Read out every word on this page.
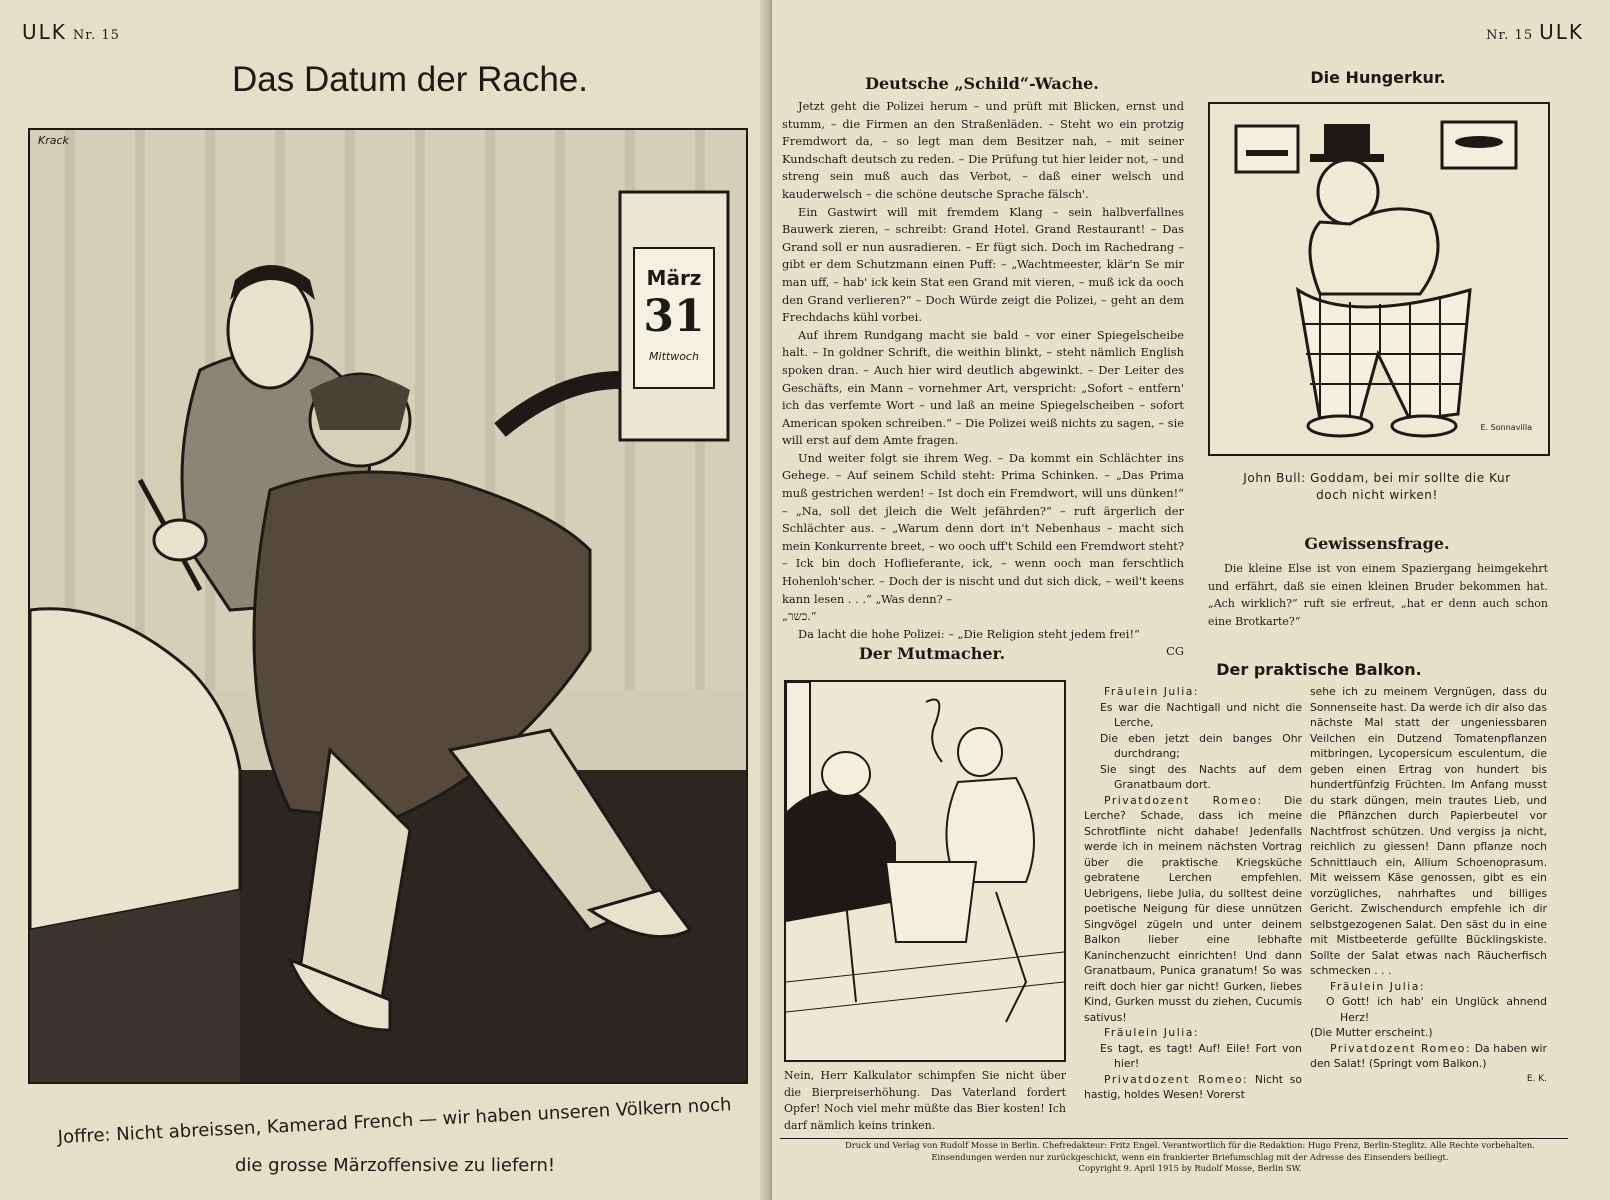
ULK Nr. 15
Das Datum der Rache.
Krack
März
31
Mittwoch
Joffre: Nicht abreissen, Kamerad French — wir haben unseren Völkern noch
die grosse Märzoffensive zu liefern!
Nr. 15 ULK
Deutsche „Schild“-Wache.

Jetzt geht die Polizei herum – und prüft mit Blicken, ernst und stumm, – die Firmen an den Straßenläden. – Steht wo ein protzig Fremdwort da, – so legt man dem Besitzer nah, – mit seiner Kundschaft deutsch zu reden. – Die Prüfung tut hier leider not, – und streng sein muß auch das Verbot, – daß einer welsch und kauderwelsch – die schöne deutsche Sprache fälsch'.

Ein Gastwirt will mit fremdem Klang – sein halbverfallnes Bauwerk zieren, – schreibt: Grand Hotel. Grand Restaurant! – Das Grand soll er nun ausradieren. – Er fügt sich. Doch im Rachedrang – gibt er dem Schutzmann einen Puff: – „Wachtmeester, klär'n Se mir man uff, – hab' ick kein Stat een Grand mit vieren, – muß ick da ooch den Grand verlieren?“ – Doch Würde zeigt die Polizei, – geht an dem Frechdachs kühl vorbei.

Auf ihrem Rundgang macht sie bald – vor einer Spiegelscheibe halt. – In goldner Schrift, die weithin blinkt, – steht nämlich English spoken dran. – Auch hier wird deutlich abgewinkt. – Der Leiter des Geschäfts, ein Mann – vornehmer Art, verspricht: „Sofort – entfern' ich das verfemte Wort – und laß an meine Spiegelscheiben – sofort American spoken schreiben.“ – Die Polizei weiß nichts zu sagen, – sie will erst auf dem Amte fragen.

Und weiter folgt sie ihrem Weg. – Da kommt ein Schlächter ins Gehege. – Auf seinem Schild steht: Prima Schinken. – „Das Prima muß gestrichen werden! – Ist doch ein Fremdwort, will uns dünken!“ – „Na, soll det jleich die Welt jefährden?“ – ruft ärgerlich der Schlächter aus. – „Warum denn dort in't Nebenhaus – macht sich mein Konkurrente breet, – wo ooch uff't Schild een Fremdwort steht? – Ick bin doch Hoflieferante, ick, – wenn ooch man ferschtlich Hohenloh'scher. – Doch der is nischt und dut sich dick, – weil't keens kann lesen . . .“ „Was denn? –

„כשר.“

Da lacht die hohe Polizei: – „Die Religion steht jedem frei!“

CG

Die Hungerkur.
E. Sonnavilla
John Bull: Goddam, bei mir sollte die Kur
doch nicht wirken!
Gewissensfrage.
Die kleine Else ist von einem Spaziergang heimgekehrt und erfährt, daß sie einen kleinen Bruder bekommen hat. „Ach wirklich?“ ruft sie erfreut, „hat er denn auch schon eine Brotkarte?“
Der Mutmacher.
Nein, Herr Kalkulator schimpfen Sie nicht über die Bierpreiserhöhung. Das Vaterland fordert Opfer! Noch viel mehr müßte das Bier kosten! Ich darf nämlich keins trinken.
Der praktische Balkon.

Fräulein Julia:

Es war die Nachtigall und nicht die Lerche,

Die eben jetzt dein banges Ohr durchdrang;

Sie singt des Nachts auf dem Granatbaum dort.

Privatdozent Romeo: Die Lerche? Schade, dass ich meine Schrotflinte nicht dahabe! Jedenfalls werde ich in meinem nächsten Vortrag über die praktische Kriegsküche gebratene Lerchen empfehlen. Uebrigens, liebe Julia, du solltest deine poetische Neigung für diese unnützen Singvögel zügeln und unter deinem Balkon lieber eine lebhafte Kaninchenzucht einrichten! Und dann Granatbaum, Punica granatum! So was reift doch hier gar nicht! Gurken, liebes Kind, Gurken musst du ziehen, Cucumis sativus!

Fräulein Julia:

Es tagt, es tagt! Auf! Eile! Fort von hier!

Privatdozent Romeo: Nicht so hastig, holdes Wesen! Vorerst

sehe ich zu meinem Vergnügen, dass du Sonnenseite hast. Da werde ich dir also das nächste Mal statt der ungeniessbaren Veilchen ein Dutzend Tomatenpflanzen mitbringen, Lycopersicum esculentum, die geben einen Ertrag von hundert bis hundertfünfzig Früchten. Im Anfang musst du stark düngen, mein trautes Lieb, und die Pflänzchen durch Papierbeutel vor Nachtfrost schützen. Und vergiss ja nicht, reichlich zu giessen! Dann pflanze noch Schnittlauch ein, Allium Schoenoprasum. Mit weissem Käse genossen, gibt es ein vorzügliches, nahrhaftes und billiges Gericht. Zwischendurch empfehle ich dir selbstgezogenen Salat. Den säst du in eine mit Mistbeeterde gefüllte Bücklingskiste. Sollte der Salat etwas nach Räucherfisch schmecken . . .

Fräulein Julia:

O Gott! ich hab' ein Unglück ahnend Herz!

(Die Mutter erscheint.)

Privatdozent Romeo: Da haben wir den Salat! (Springt vom Balkon.)

E. K.

Druck und Verlag von Rudolf Mosse in Berlin. Chefredakteur: Fritz Engel. Verantwortlich für die Redaktion: Hugo Frenz, Berlin-Steglitz. Alle Rechte vorbehalten.
Einsendungen werden nur zurückgeschickt, wenn ein frankierter Briefumschlag mit der Adresse des Einsenders beiliegt.
Copyright 9. April 1915 by Rudolf Mosse, Berlin SW.
